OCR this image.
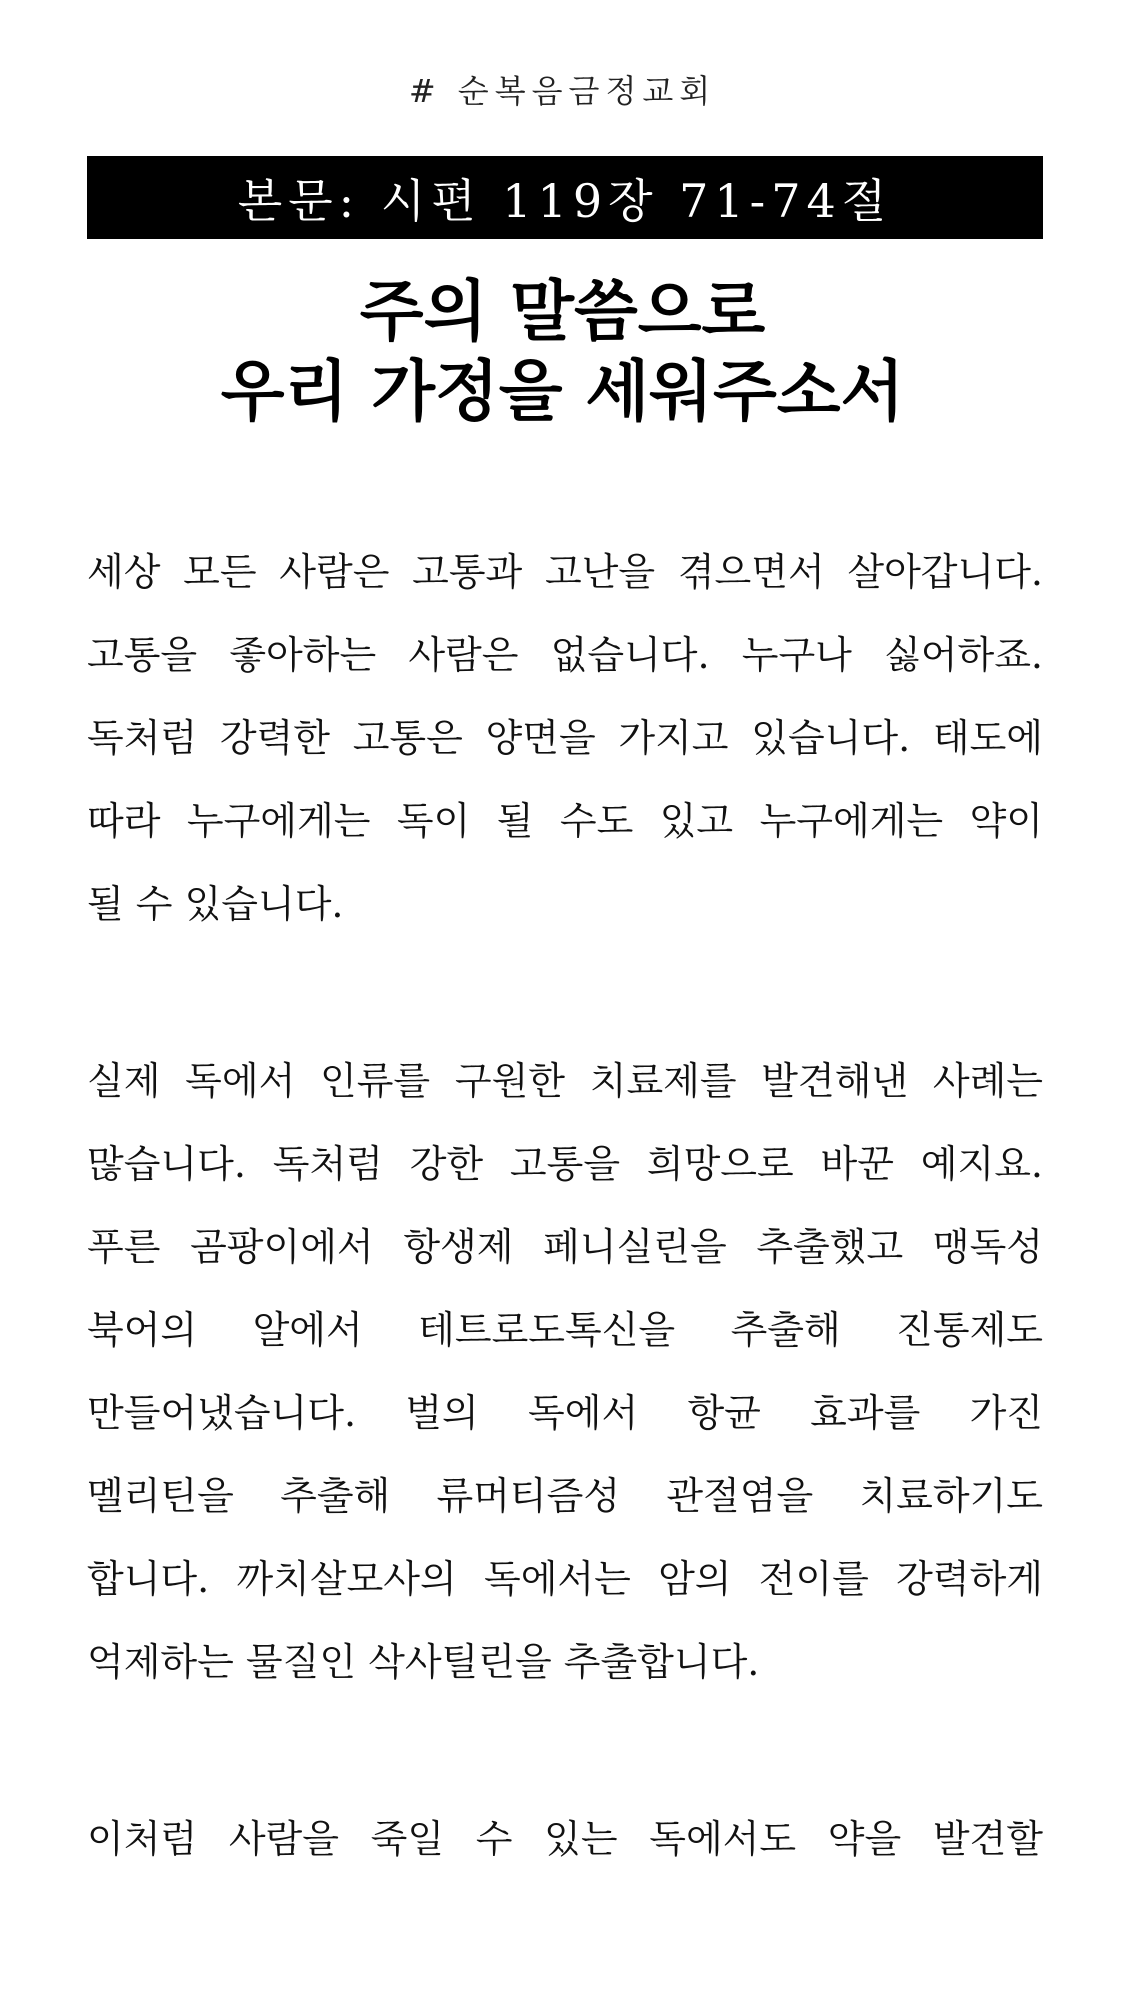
# 순복음금정교회
본문: 시편 119장 71-74절
주의 말씀으로
우리 가정을 세워주소서

세상 모든 사람은 고통과 고난을 겪으면서 살아갑니다.
고통을 좋아하는 사람은 없습니다. 누구나 싫어하죠.
독처럼 강력한 고통은 양면을 가지고 있습니다. 태도에
따라 누구에게는 독이 될 수도 있고 누구에게는 약이
될 수 있습니다.

실제 독에서 인류를 구원한 치료제를 발견해낸 사례는
많습니다. 독처럼 강한 고통을 희망으로 바꾼 예지요.
푸른 곰팡이에서 항생제 페니실린을 추출했고 맹독성
북어의 알에서 테트로도톡신을 추출해 진통제도
만들어냈습니다. 벌의 독에서 항균 효과를 가진
멜리틴을 추출해 류머티즘성 관절염을 치료하기도
합니다. 까치살모사의 독에서는 암의 전이를 강력하게
억제하는 물질인 삭사틸린을 추출합니다.

이처럼 사람을 죽일 수 있는 독에서도 약을 발견할
